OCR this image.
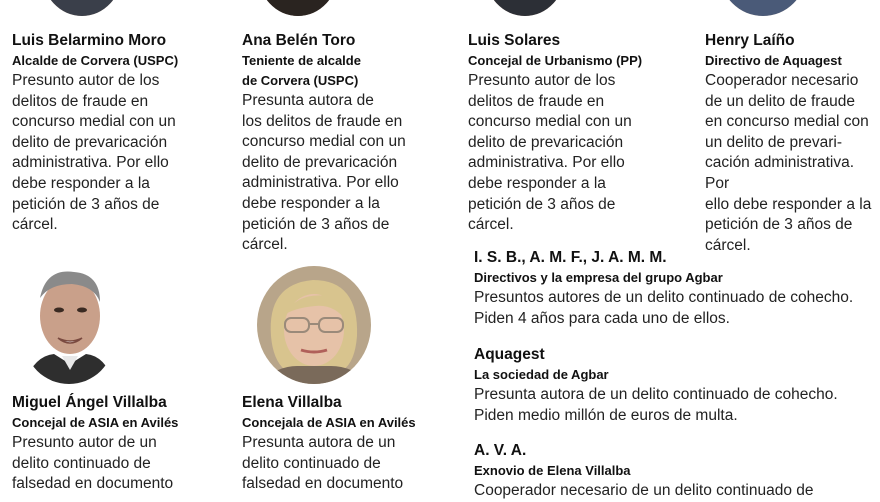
Luis Belarmino Moro
Alcalde de Corvera (USPC)

Presunto autor de los
delitos de fraude en
concurso medial con un
delito de prevaricación
administrativa. Por ello
debe responder a la
petición de 3 años de
cárcel.

Ana Belén Toro
Teniente de alcalde
de Corvera (USPC)

Presunta autora de
los delitos de fraude en
concurso medial con un
delito de prevaricación
administrativa. Por ello
debe responder a la
petición de 3 años de
cárcel.

Luis Solares
Concejal de Urbanismo (PP)

Presunto autor de los
delitos de fraude en
concurso medial con un
delito de prevaricación
administrativa. Por ello
debe responder a la
petición de 3 años de
cárcel.

Henry Laíño
Directivo de Aquagest

Cooperador necesario
de un delito de fraude
en concurso medial con
un delito de prevari-
cación administrativa. Por
ello debe responder a la
petición de 3 años de
cárcel.

Miguel Ángel Villalba
Concejal de ASIA en Avilés

Presunto autor de un
delito continuado de
falsedad en documento

Elena Villalba
Concejala de ASIA en Avilés

Presunta autora de un
delito continuado de
falsedad en documento

I. S. B., A. M. F., J. A. M. M.
Directivos y la empresa del grupo Agbar

Presuntos autores de un delito continuado de cohecho. Piden 4 años para cada uno de ellos.

Aquagest
La sociedad de Agbar

Presunta autora de un delito continuado de cohecho. Piden medio millón de euros de multa.

A. V. A.
Exnovio de Elena Villalba

Cooperador necesario de un delito continuado de
